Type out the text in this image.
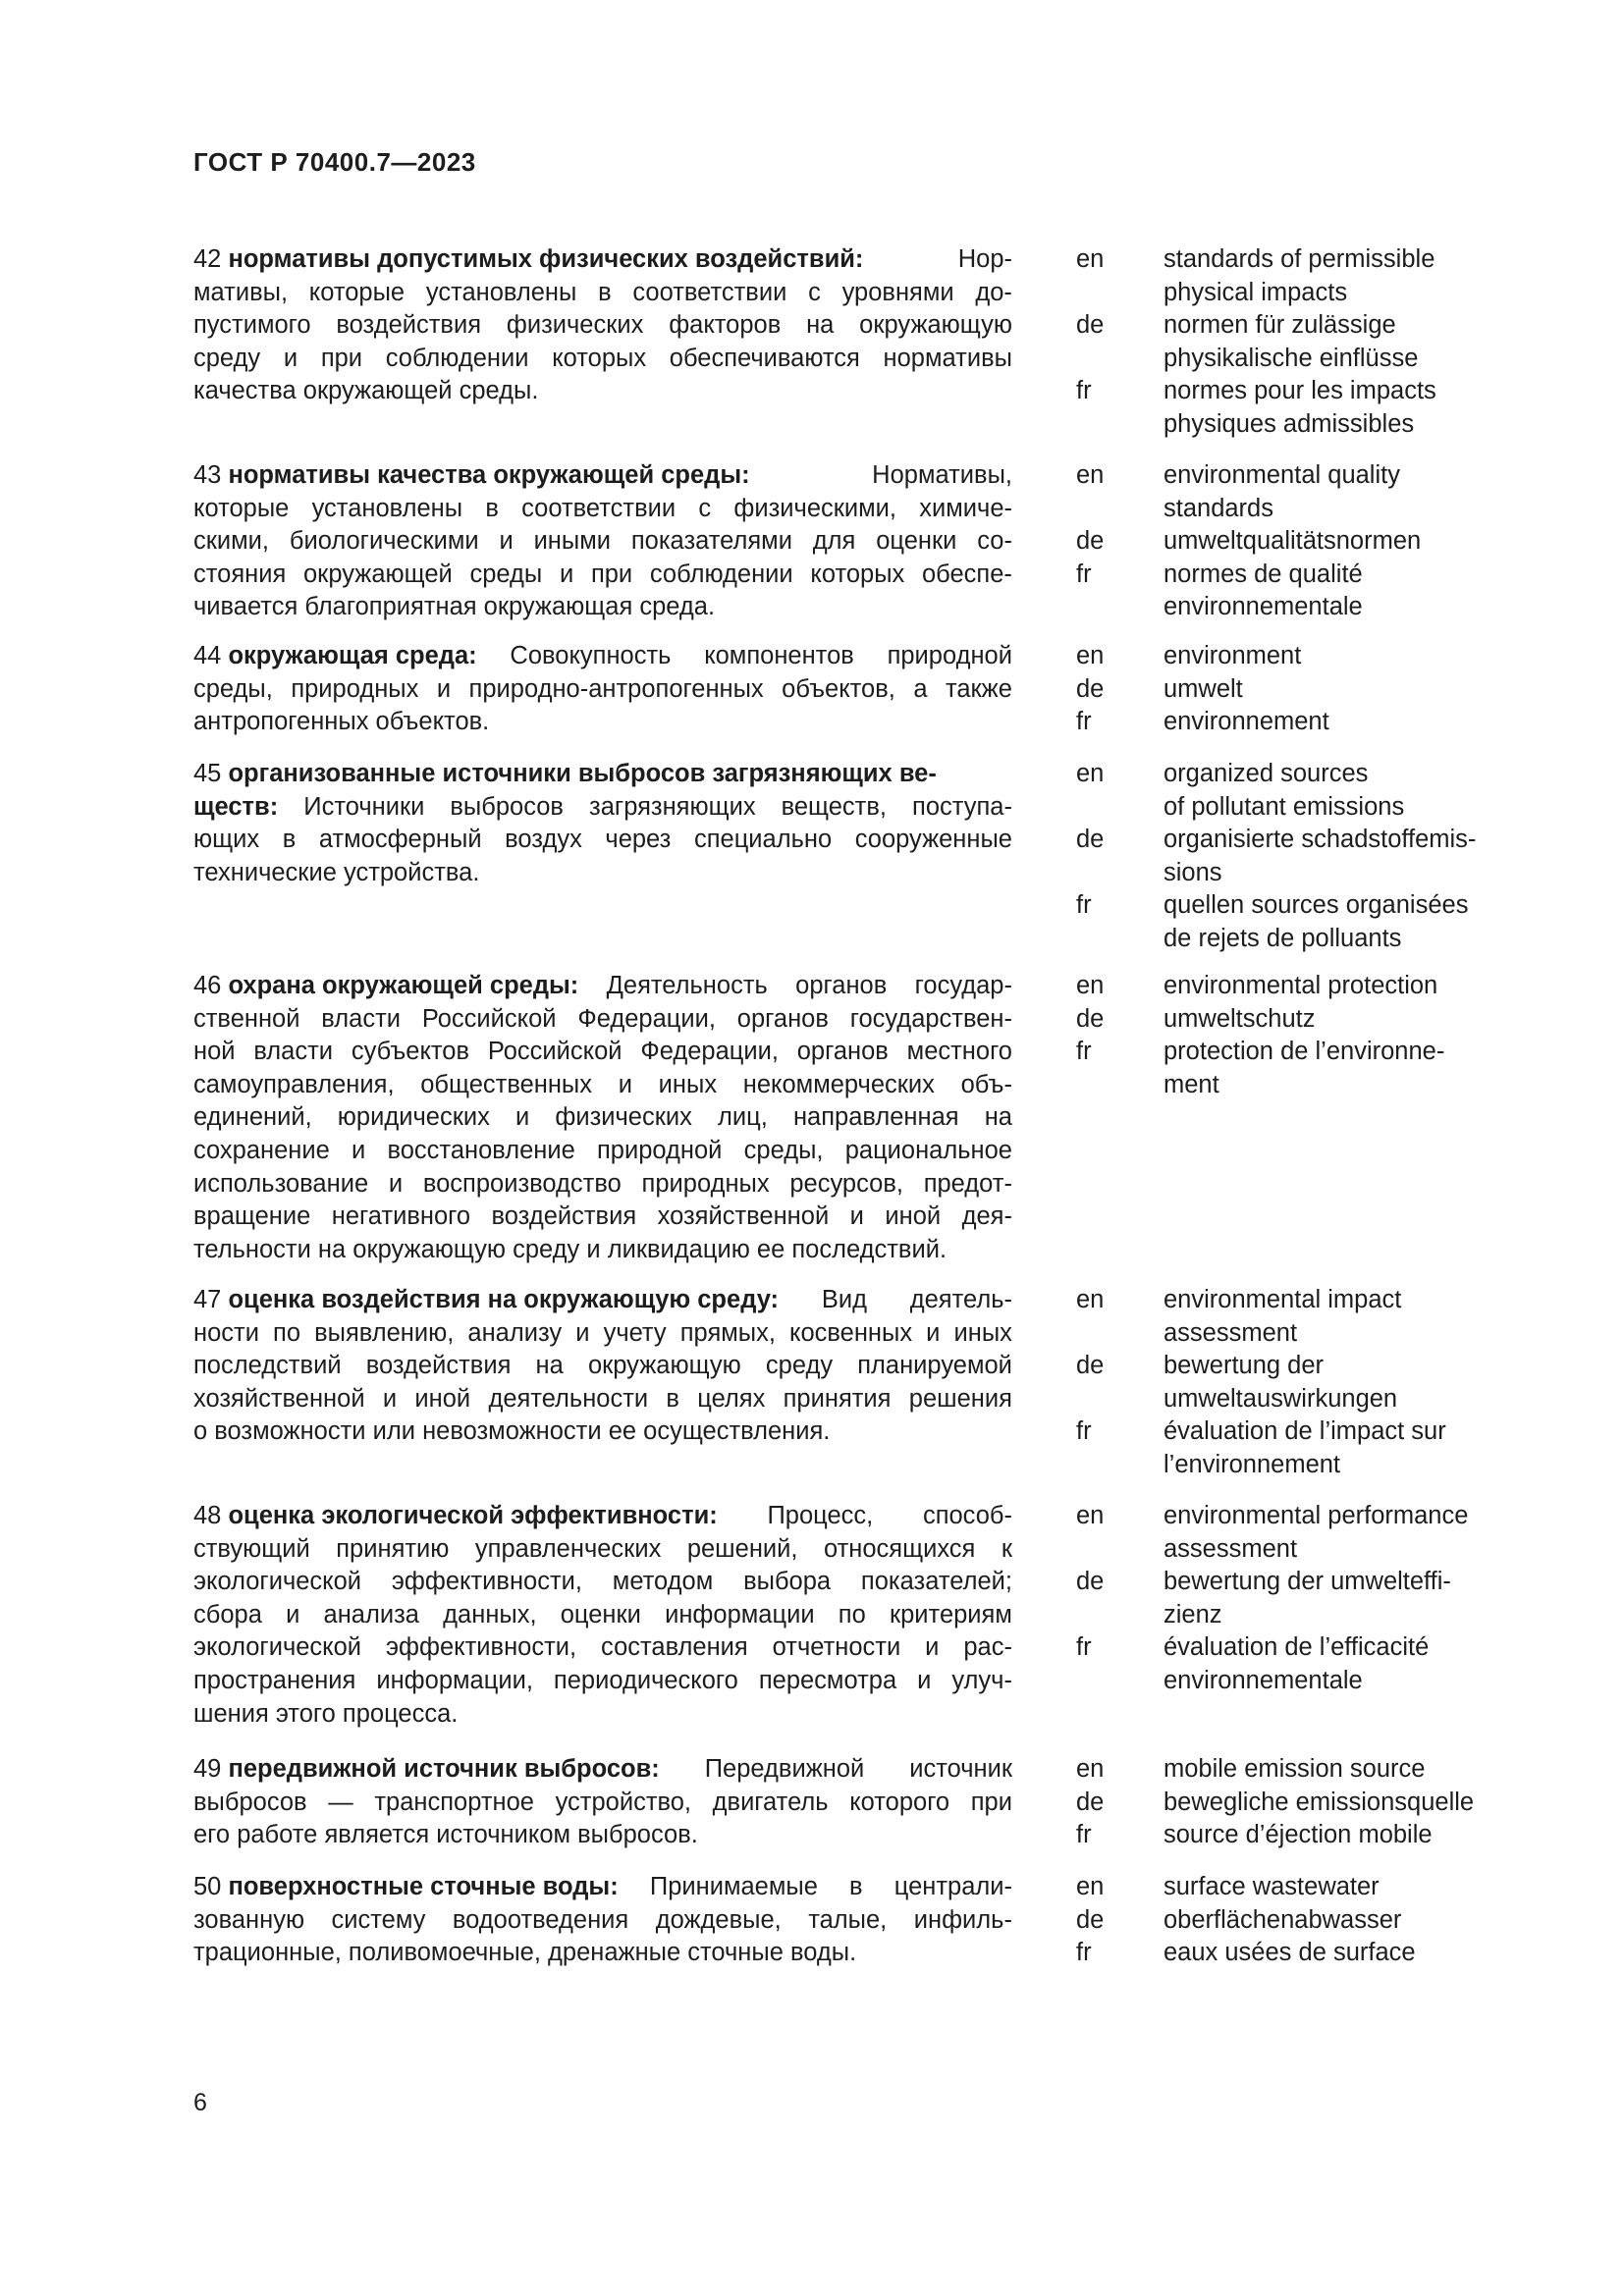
ГОСТ Р 70400.7—2023
42 нормативы допустимых физических воздействий:	Нор-
мативы, которые установлены в соответствии с уровнями до-
пустимого воздействия физических факторов на окружающую
среду и при соблюдении которых обеспечиваются нормативы
качества окружающей среды.
en
de
fr
standards of permissible
physical impacts
normen für zulässige
physikalische einflüsse
normes pour les impacts
physiques admissibles
43 нормативы качества окружающей среды:	Нормативы,
которые установлены в соответствии с физическими, химиче-
скими, биологическими и иными показателями для оценки со-
стояния окружающей среды и при соблюдении которых обеспе-
чивается благоприятная окружающая среда.
en
de
fr
environmental quality
standards
umweltqualitätsnormen
normes de qualité
environnementale
44 окружающая среда: Совокупность компонентов природной
среды, природных и природно-антропогенных объектов, а также
антропогенных объектов.
en
de
fr
environment
umwelt
environnement
45 организованные источники выбросов загрязняющих ве-
ществ: Источники выбросов загрязняющих веществ, поступа-
ющих в атмосферный воздух через специально сооруженные
технические устройства.
en
de
fr
organized sources
of pollutant emissions
organisierte schadstoffemis-
sions
quellen sources organisées
de rejets de polluants
46 охрана окружающей среды: Деятельность органов государ-
ственной власти Российской Федерации, органов государствен-
ной власти субъектов Российской Федерации, органов местного
самоуправления, общественных и иных некоммерческих объ-
единений, юридических и физических лиц, направленная на
сохранение и восстановление природной среды, рациональное
использование и воспроизводство природных ресурсов, предот-
вращение негативного воздействия хозяйственной и иной дея-
тельности на окружающую среду и ликвидацию ее последствий.
en
de
fr
environmental protection
umweltschutz
protection de l’environne-
ment
47 оценка воздействия на окружающую среду: Вид деятель-
ности по выявлению, анализу и учету прямых, косвенных и иных
последствий воздействия на окружающую среду планируемой
хозяйственной и иной деятельности в целях принятия решения
о возможности или невозможности ее осуществления.
en
de
fr
environmental impact
assessment
bewertung der
umweltauswirkungen
évaluation de l’impact sur
l’environnement
48 оценка экологической эффективности: Процесс, способ-
ствующий принятию управленческих решений, относящихся к
экологической эффективности, методом выбора показателей;
сбора и анализа данных, оценки информации по критериям
экологической эффективности, составления отчетности и рас-
пространения информации, периодического пересмотра и улуч-
шения этого процесса.
en
de
fr
environmental performance
assessment
bewertung der umwelteffi-
zienz
évaluation de l’efficacité
environnementale
49 передвижной источник выбросов: Передвижной источник
выбросов — транспортное устройство, двигатель которого при
его работе является источником выбросов.
en
de
fr
mobile emission source
bewegliche emissionsquelle
source d’éjection mobile
50 поверхностные сточные воды: Принимаемые в централи-
зованную систему водоотведения дождевые, талые, инфиль-
трационные, поливомоечные, дренажные сточные воды.
en
de
fr
surface wastewater
oberflächenabwasser
eaux usées de surface
6
